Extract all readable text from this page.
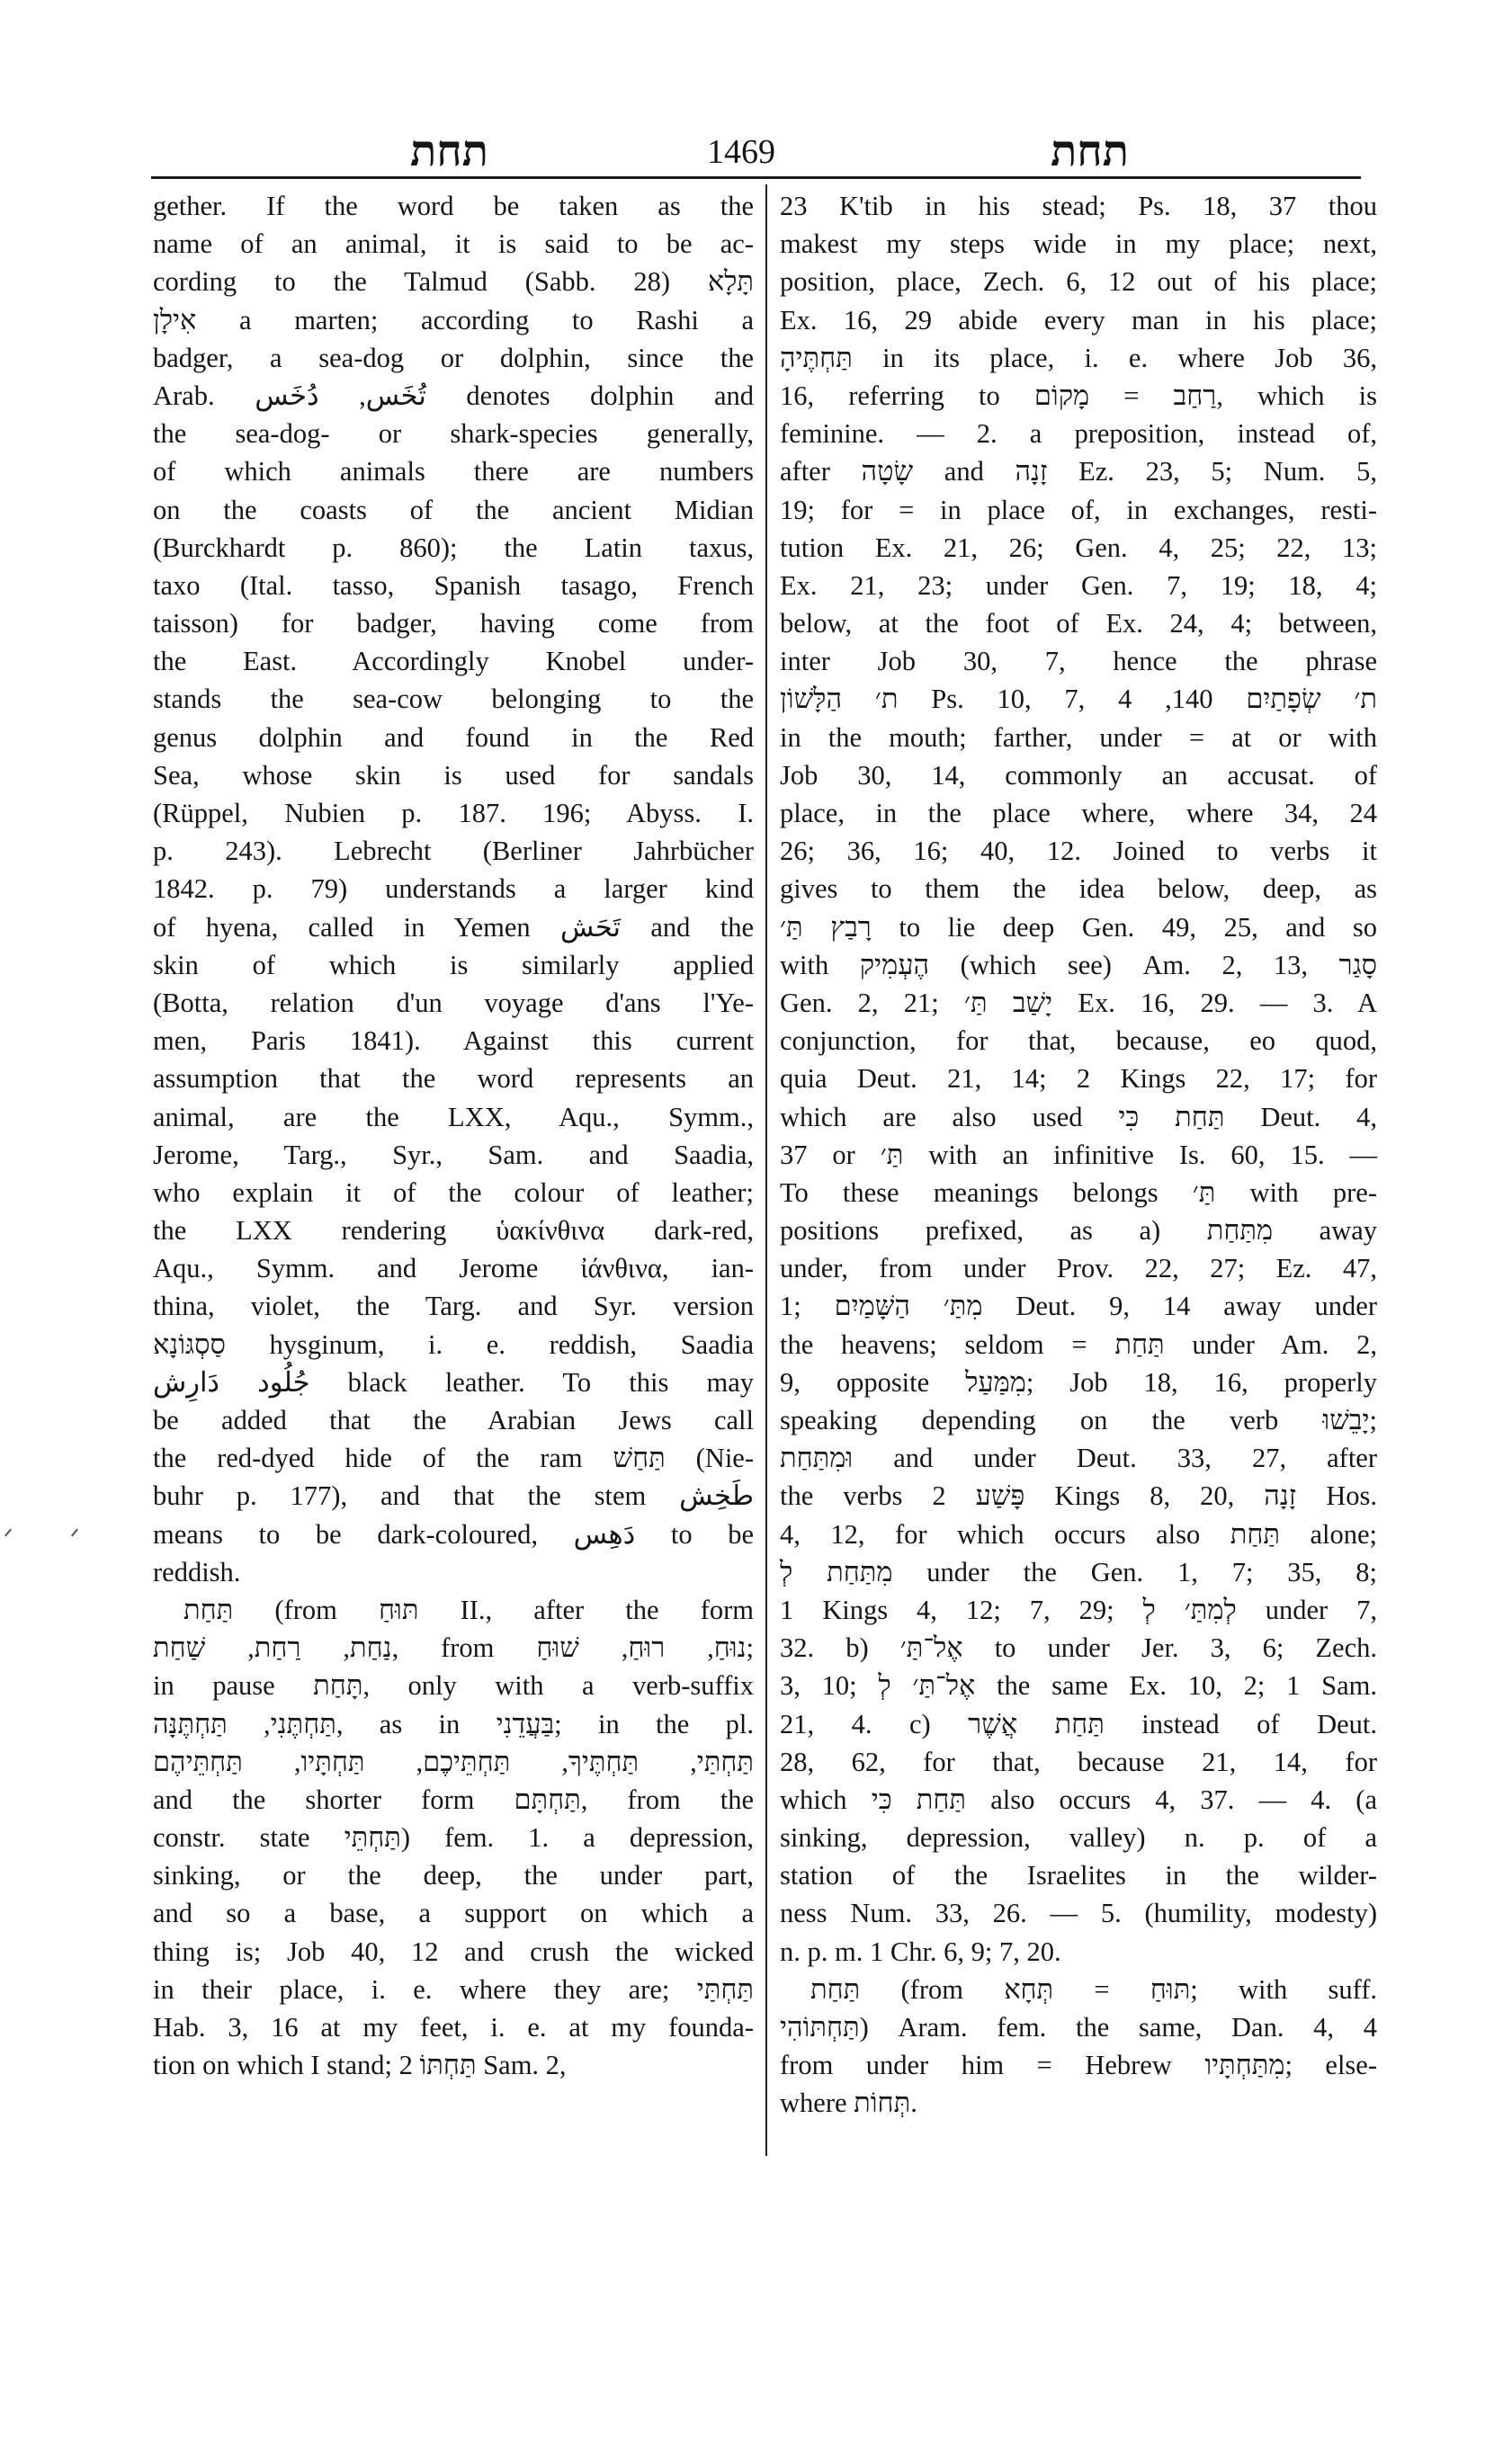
תחת	1469	תחת
gether. If the word be taken as the
name of an animal, it is said to be ac-
cording to the Talmud (Sabb. 28) תָּלָא
אִילָן a marten; according to Rashi a
badger, a sea-dog or dolphin, since the
Arab. تُخَس, دُخَس denotes dolphin and
the sea-dog- or shark-species generally,
of which animals there are numbers
on the coasts of the ancient Midian
(Burckhardt p. 860); the Latin taxus,
taxo (Ital. tasso, Spanish tasago, French
taisson) for badger, having come from
the East. Accordingly Knobel under-
stands the sea-cow belonging to the
genus dolphin and found in the Red
Sea, whose skin is used for sandals
(Rüppel, Nubien p. 187. 196; Abyss. I.
p. 243). Lebrecht (Berliner Jahrbücher
1842. p. 79) understands a larger kind
of hyena, called in Yemen تَحَش and the
skin of which is similarly applied
(Botta, relation d'un voyage d'ans l'Ye-
men, Paris 1841). Against this current
assumption that the word represents an
animal, are the LXX, Aqu., Symm.,
Jerome, Targ., Syr., Sam. and Saadia,
who explain it of the colour of leather;
the LXX rendering ὑακίνθινα dark-red,
Aqu., Symm. and Jerome ἰάνθινα, ian-
thina, violet, the Targ. and Syr. version
סַסְגּוֹנָא hysginum, i. e. reddish, Saadia
جُلُود دَارِش black leather. To this may
be added that the Arabian Jews call
the red-dyed hide of the ram תַּחַשׁ (Nie-
buhr p. 177), and that the stem طَخِش
means to be dark-coloured, دَهِس to be
reddish.
תַּחַת (from תּוּחַ II., after the form
נַחַת, רַחַת, שַׁחַת, from נוּחַ, רוּחַ, שׁוּחַ;
in pause תָּחַת, only with a verb-suffix
תַּחְתֶּנִי, תַּחְתֶּנָּה, as in בַּעֲדֵנִי; in the pl.
תַּחְתַּי, תַּחְתֶּיךָ, תַּחְתֵּיכֶם, תַּחְתָּיו, תַּחְתֵּיהֶם
and the shorter form תַּחְתָּם, from the
constr. state תַּחְתֵּי) fem. 1. a depression,
sinking, or the deep, the under part,
and so a base, a support on which a
thing is; Job 40, 12 and crush the wicked
in their place, i. e. where they are; תַּחְתַּי
Hab. 3, 16 at my feet, i. e. at my founda-
tion on which I stand; תַּחְתּוֹ 2 Sam. 2,
23 K'tib in his stead; Ps. 18, 37 thou
makest my steps wide in my place; next,
position, place, Zech. 6, 12 out of his place;
Ex. 16, 29 abide every man in his place;
תַּחְתֶּיהָ in its place, i. e. where Job 36,
16, referring to רַחַב = מָקוֹם, which is
feminine. — 2. a preposition, instead of,
after שָׂטָה and זָנָה Ez. 23, 5; Num. 5,
19; for = in place of, in exchanges, resti-
tution Ex. 21, 26; Gen. 4, 25; 22, 13;
Ex. 21, 23; under Gen. 7, 19; 18, 4;
below, at the foot of Ex. 24, 4; between,
inter Job 30, 7, hence the phrase
ת׳ הַלָּשׁוֹן Ps. 10, 7, ת׳ שְׂפָתַיִם 140, 4
in the mouth; farther, under = at or with
Job 30, 14, commonly an accusat. of
place, in the place where, where 34, 24
26; 36, 16; 40, 12. Joined to verbs it
gives to them the idea below, deep, as
רָבַץ תַּ׳ to lie deep Gen. 49, 25, and so
with הֶעְמִיק (which see) Am. 2, 13, סָגַר
Gen. 2, 21; יָשַׁב תַּ׳ Ex. 16, 29. — 3. A
conjunction, for that, because, eo quod,
quia Deut. 21, 14; 2 Kings 22, 17; for
which are also used תַּחַת כִּי Deut. 4,
37 or תַּ׳ with an infinitive Is. 60, 15. —
To these meanings belongs תַּ׳ with pre-
positions prefixed, as a) מִתַּחַת away
under, from under Prov. 22, 27; Ez. 47,
1; מִתַּ׳ הַשָּׁמַיִם Deut. 9, 14 away under
the heavens; seldom = תַּחַת under Am. 2,
9, opposite מִמַּעַל; Job 18, 16, properly
speaking depending on the verb יָבֵשׁוּ;
וּמִתַּחַת and under Deut. 33, 27, after
the verbs פָּשַׁע 2 Kings 8, 20, זָנָה Hos.
4, 12, for which occurs also תַּחַת alone;
מִתַּחַת לְ under the Gen. 1, 7; 35, 8;
1 Kings 4, 12; 7, 29; לְמִתַּ׳ לְ under 7,
32. b) אֶל־תַּ׳ to under Jer. 3, 6; Zech.
3, 10; אֶל־תַּ׳ לְ the same Ex. 10, 2; 1 Sam.
21, 4. c) תַּחַת אֲשֶׁר instead of Deut.
28, 62, for that, because 21, 14, for
which תַּחַת כִּי also occurs 4, 37. — 4. (a
sinking, depression, valley) n. p. of a
station of the Israelites in the wilder-
ness Num. 33, 26. — 5. (humility, modesty)
n. p. m. 1 Chr. 6, 9; 7, 20.
תַּחַת (from תּוּחַ = תְּחָא; with suff.
תַּחְתּוֹהִי) Aram. fem. the same, Dan. 4, 4
from under him = Hebrew מִתַּחְתָּיו; else-
where תְּחוֹת.
